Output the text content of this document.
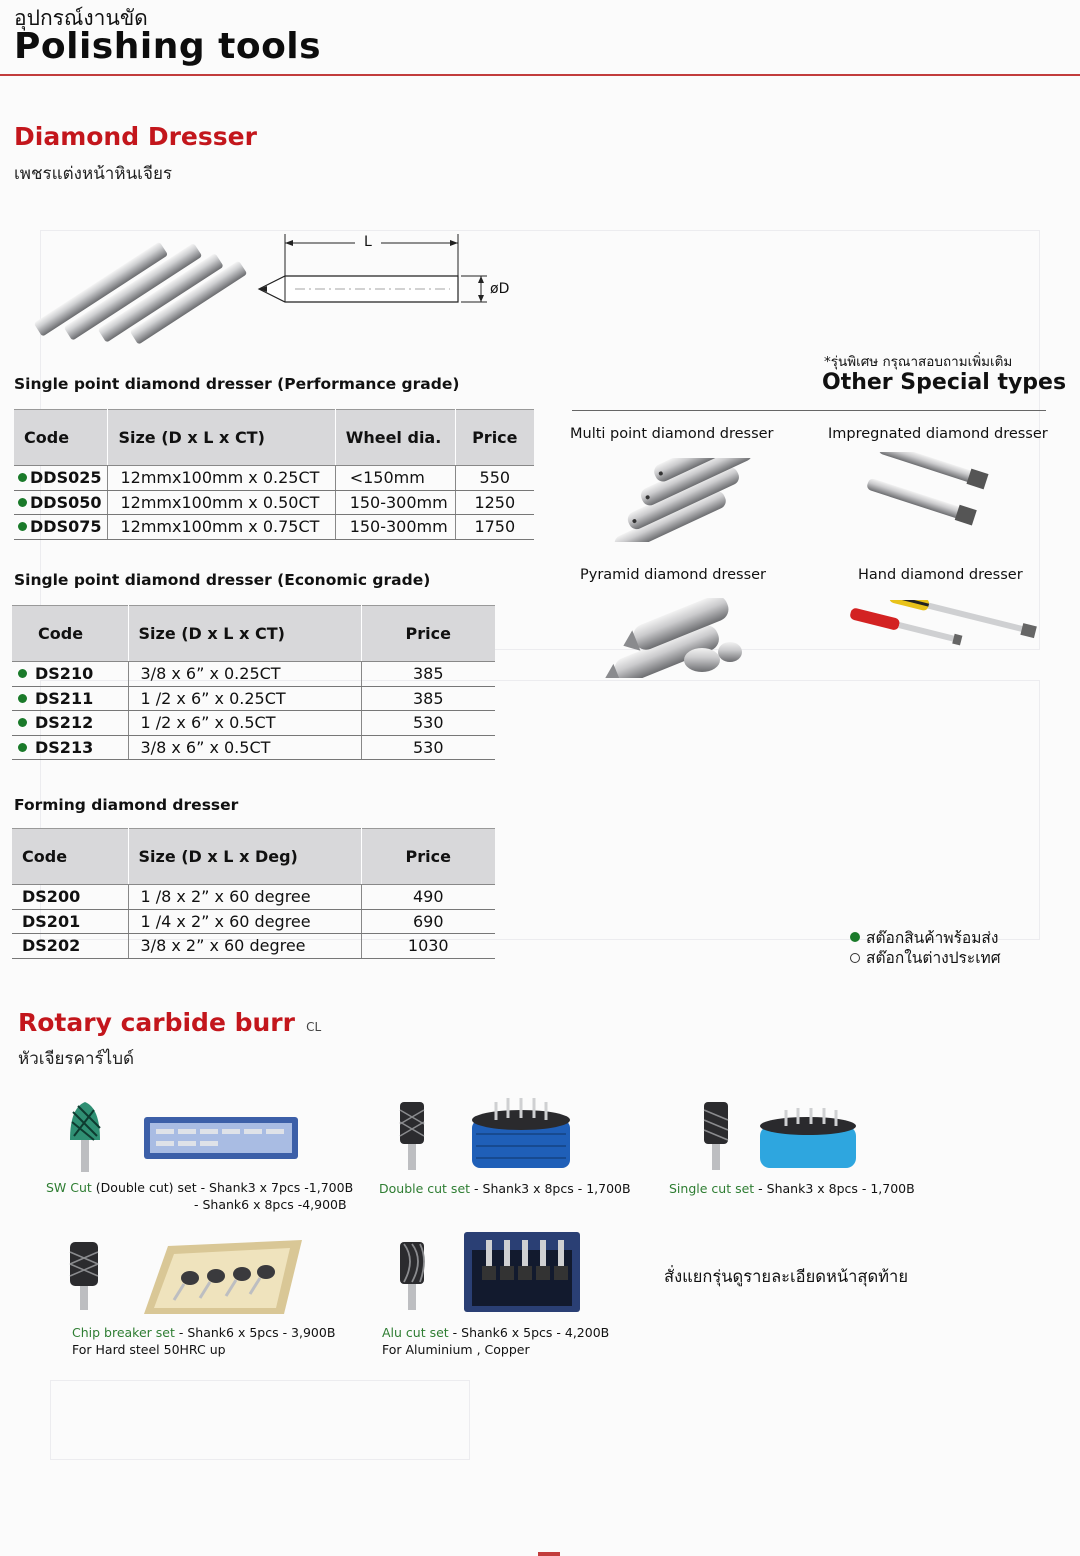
อุปกรณ์งานขัด
Polishing tools
Diamond Dresser
เพชรแต่งหน้าหินเจียร
L
øD
Single point diamond dresser (Performance grade)
Code	Size (D x L x CT)	Wheel dia.	Price
DDS025	12mmx100mm x 0.25CT	<150mm	550
DDS050	12mmx100mm x 0.50CT	150-300mm	1250
DDS075	12mmx100mm x 0.75CT	150-300mm	1750
Single point diamond dresser (Economic grade)
Code	Size (D x L x CT)	Price
DS210	3/8 x 6” x 0.25CT	385
DS211	1 /2 x 6” x 0.25CT	385
DS212	1 /2 x 6” x 0.5CT	530
DS213	3/8 x 6” x 0.5CT	530
Forming diamond dresser
Code	Size (D x L x Deg)	Price
DS200	1 /8 x 2” x 60 degree	490
DS201	1 /4 x 2” x 60 degree	690
DS202	3/8 x 2” x 60 degree	1030
*รุ่นพิเศษ กรุณาสอบถามเพิ่มเติม
Other Special types
Multi point diamond dresser	Impregnated diamond dresser
Pyramid diamond dresser	Hand diamond dresser
สต๊อกสินค้าพร้อมส่ง
สต๊อกในต่างประเทศ
Rotary carbide burr CL
หัวเจียรคาร์ไบด์
SW Cut (Double cut) set - Shank3 x 7pcs -1,700B
- Shank6 x 8pcs -4,900B
Double cut set - Shank3 x 8pcs - 1,700B	Single cut set - Shank3 x 8pcs - 1,700B
Chip breaker set - Shank6 x 5pcs - 3,900B
For Hard steel 50HRC up
Alu cut set - Shank6 x 5pcs - 4,200B
For Aluminium , Copper
สั่งแยกรุ่นดูรายละเอียดหน้าสุดท้าย
